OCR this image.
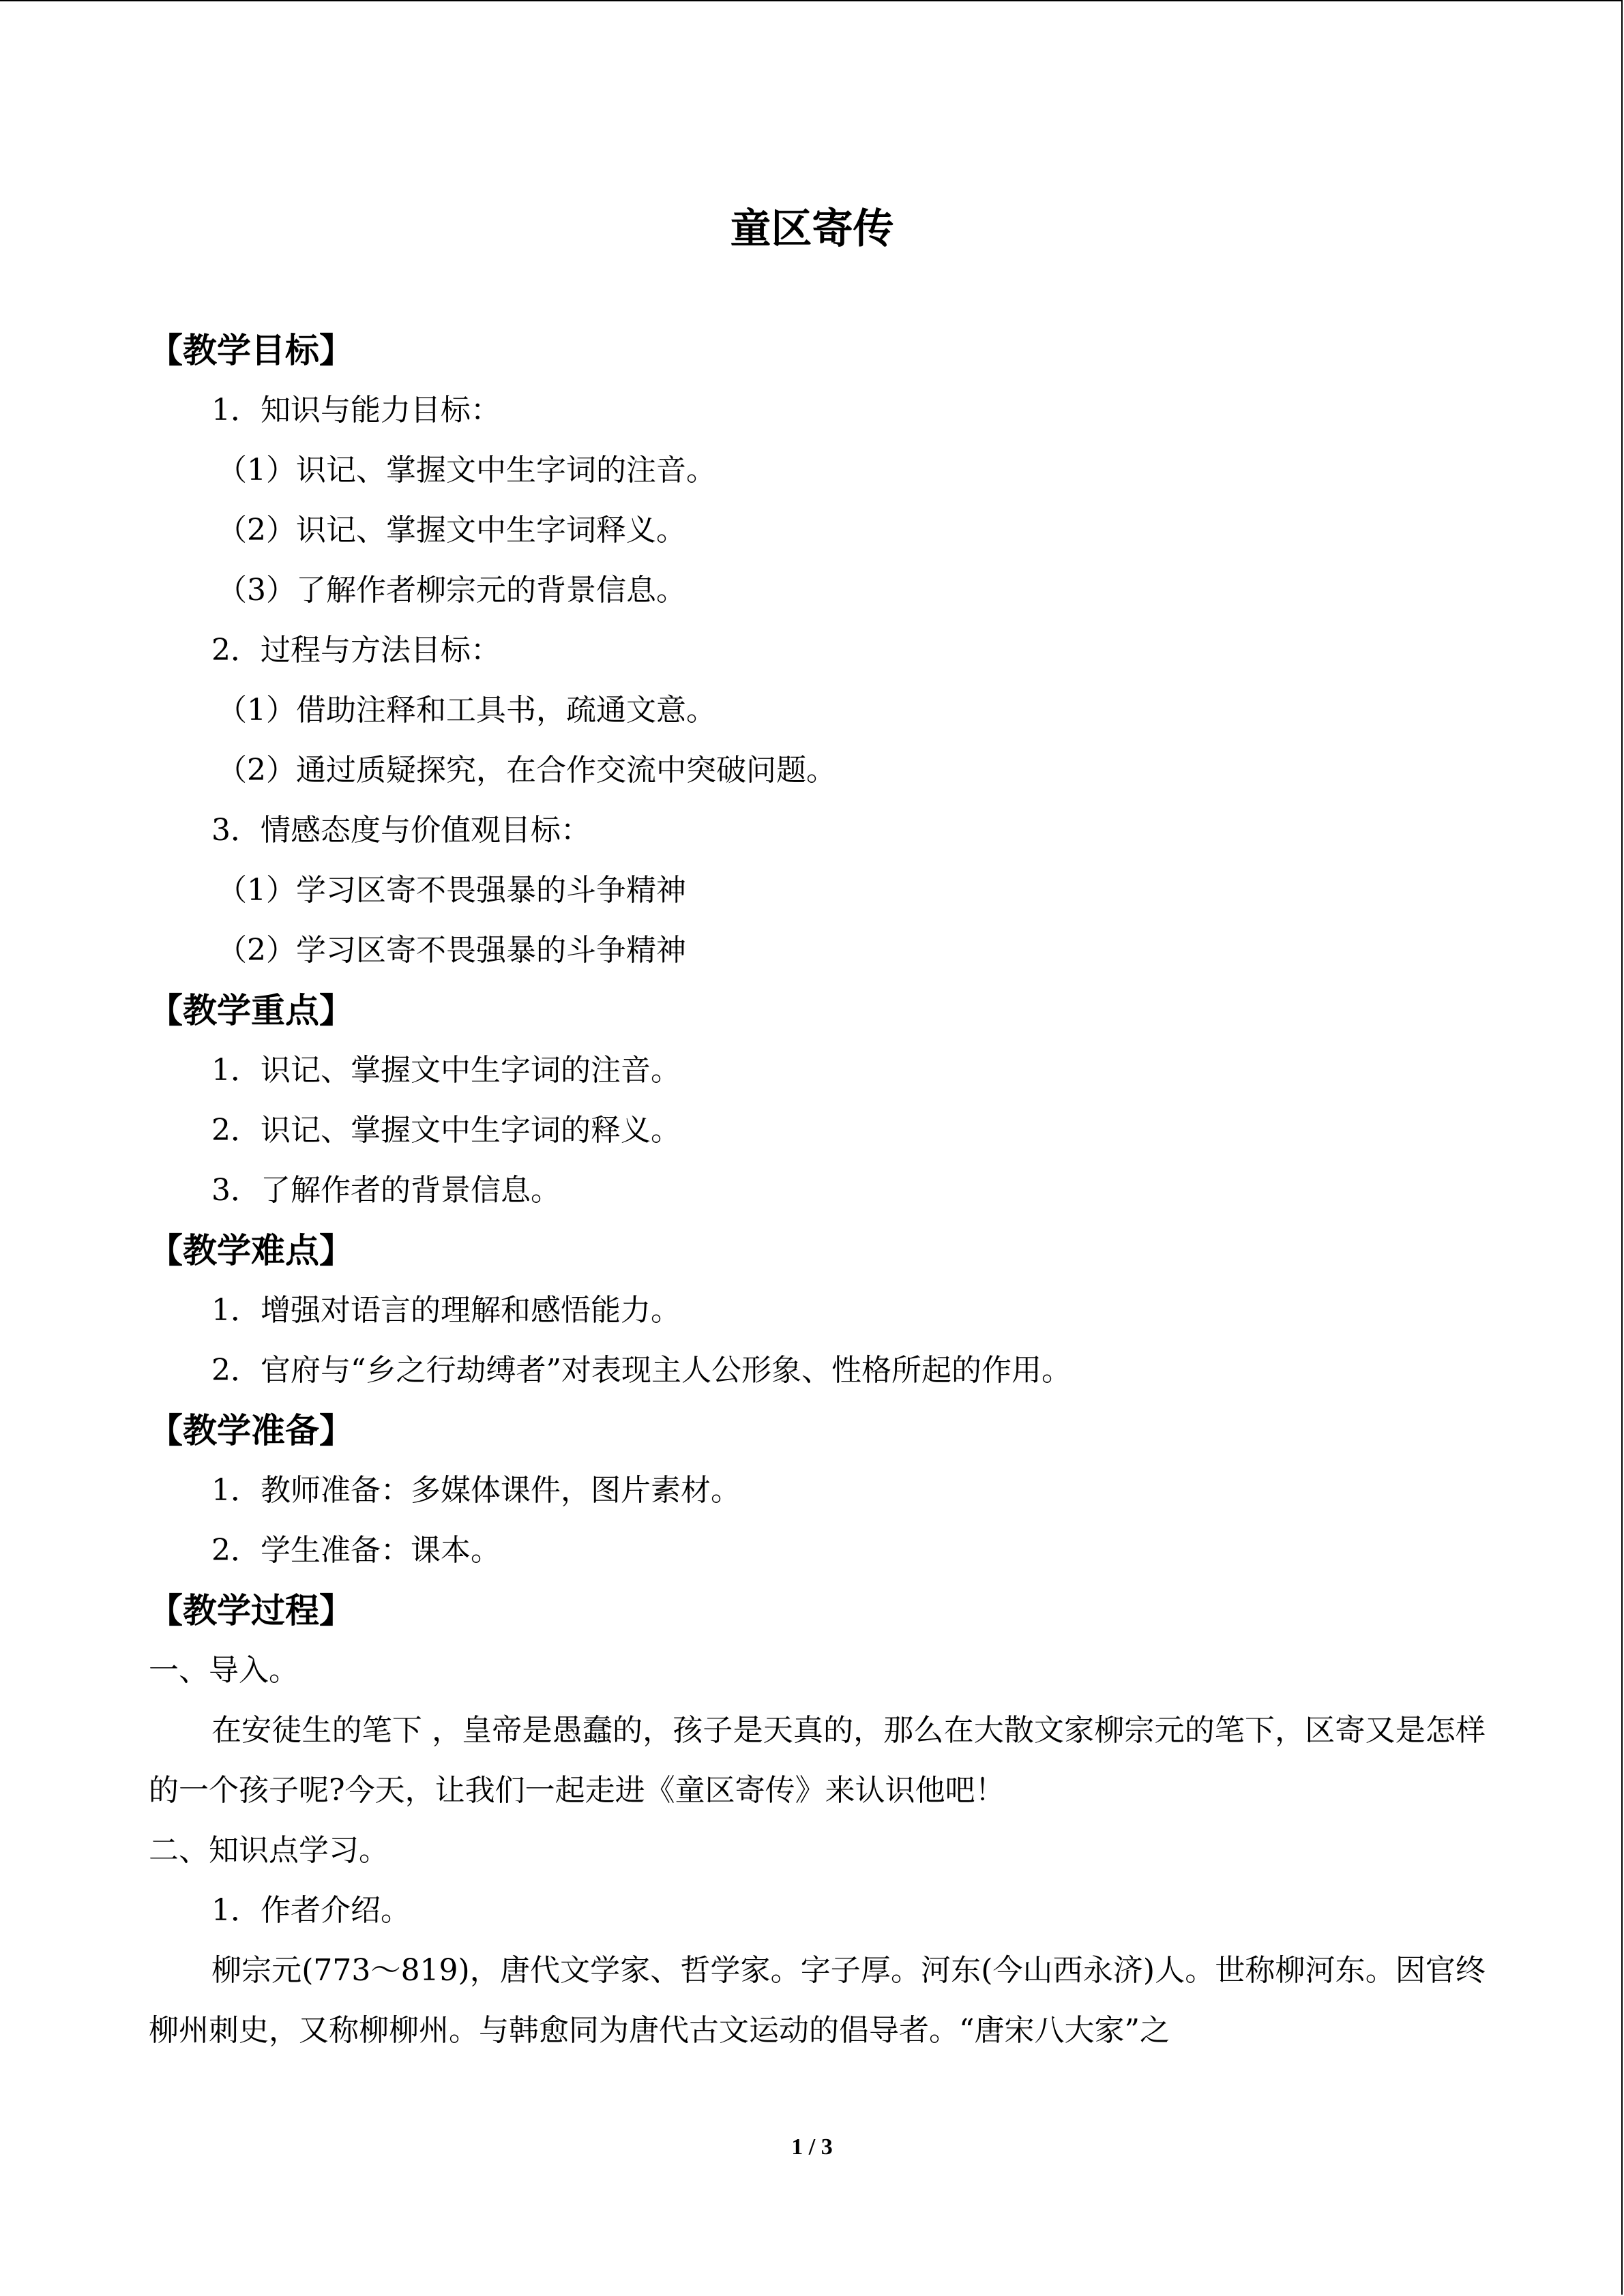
童区寄传
【教学目标】
1．知识与能力目标：
（1）识记、掌握文中生字词的注音。
（2）识记、掌握文中生字词释义。
（3）了解作者柳宗元的背景信息。
2．过程与方法目标：
（1）借助注释和工具书，疏通文意。
（2）通过质疑探究，在合作交流中突破问题。
3．情感态度与价值观目标：
（1）学习区寄不畏强暴的斗争精神
（2）学习区寄不畏强暴的斗争精神
【教学重点】
1．识记、掌握文中生字词的注音。
2．识记、掌握文中生字词的释义。
3．了解作者的背景信息。
【教学难点】
1．增强对语言的理解和感悟能力。
2．官府与“乡之行劫缚者”对表现主人公形象、性格所起的作用。
【教学准备】
1．教师准备：多媒体课件，图片素材。
2．学生准备：课本。
【教学过程】
一、导入。
在安徒生的笔下 ，皇帝是愚蠢的，孩子是天真的，那么在大散文家柳宗元的笔下，区寄又是怎样的一个孩子呢?今天，让我们一起走进《童区寄传》来认识他吧！
二、知识点学习。
1．作者介绍。
柳宗元(773～819)，唐代文学家、哲学家。字子厚。河东(今山西永济)人。世称柳河东。因官终柳州刺史，又称柳柳州。与韩愈同为唐代古文运动的倡导者。“唐宋八大家”之
1 / 3
